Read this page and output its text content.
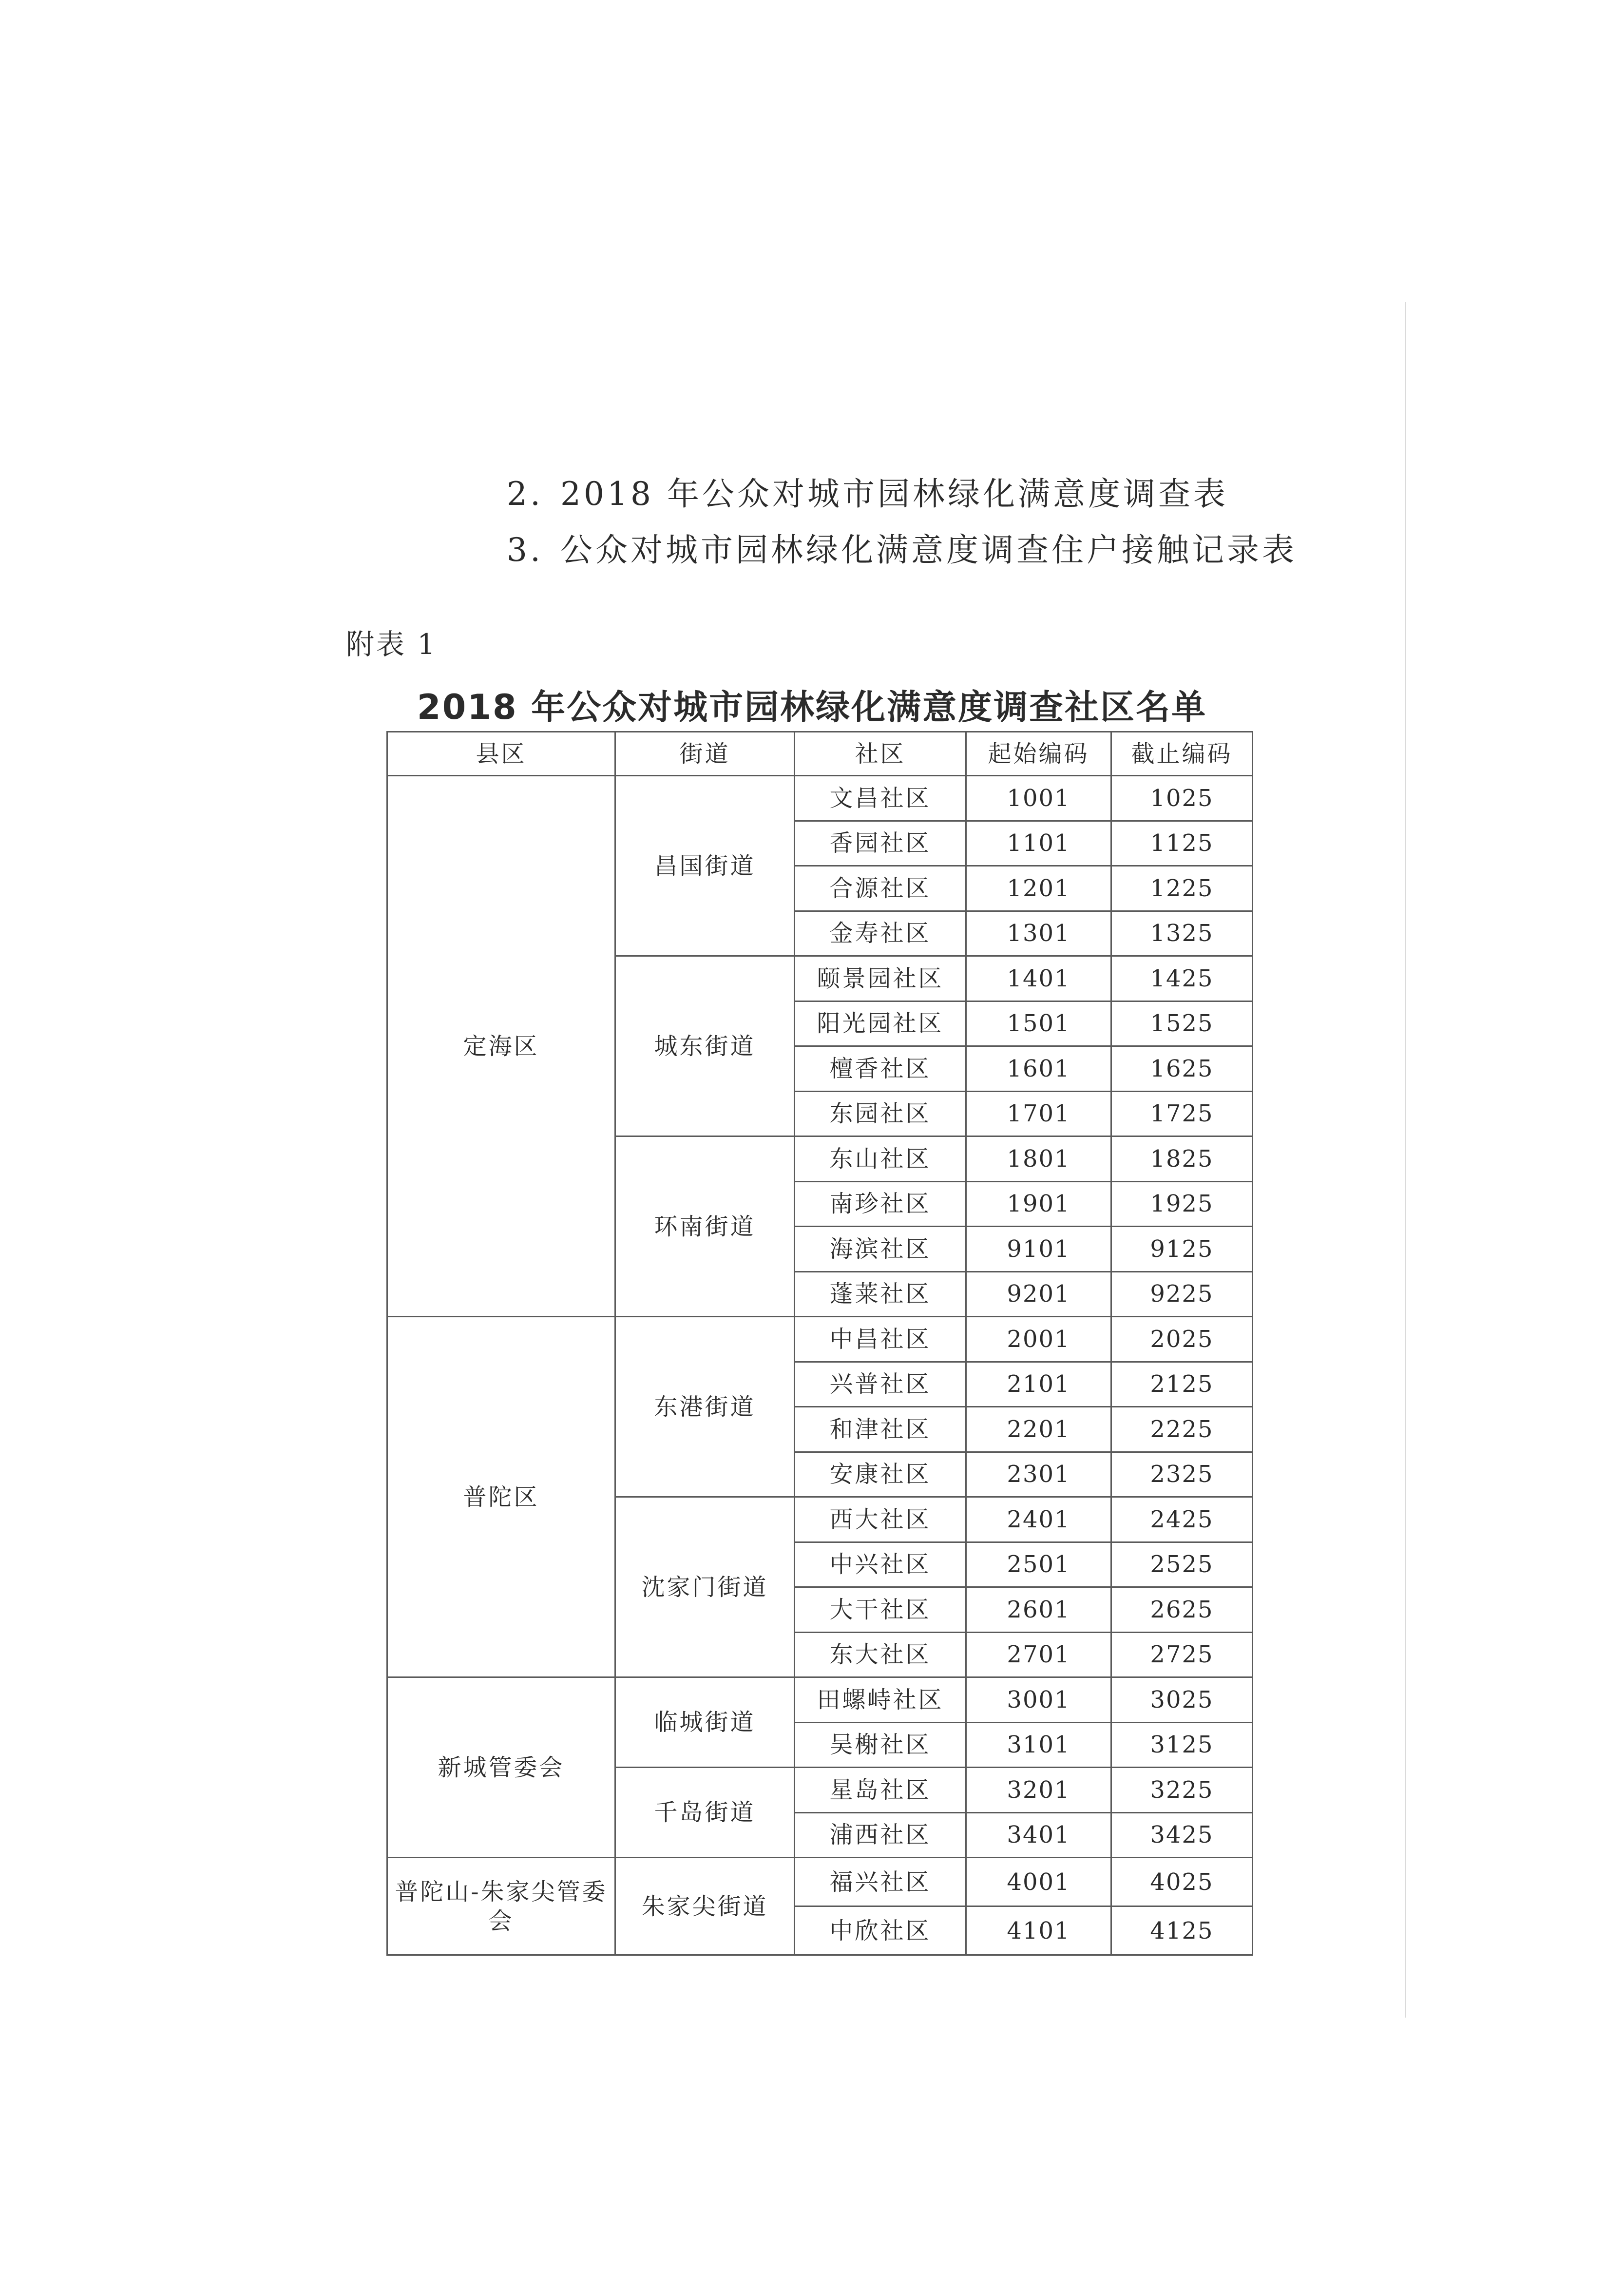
2. 2018 年公众对城市园林绿化满意度调查表
3. 公众对城市园林绿化满意度调查住户接触记录表
附表 1
2018 年公众对城市园林绿化满意度调查社区名单
县区	街道	社区	起始编码	截止编码
定海区	昌国街道	文昌社区	1001	1025
		香园社区	1101	1125
		合源社区	1201	1225
		金寿社区	1301	1325
	城东街道	颐景园社区	1401	1425
		阳光园社区	1501	1525
		檀香社区	1601	1625
		东园社区	1701	1725
	环南街道	东山社区	1801	1825
		南珍社区	1901	1925
		海滨社区	9101	9125
		蓬莱社区	9201	9225
普陀区	东港街道	中昌社区	2001	2025
		兴普社区	2101	2125
		和津社区	2201	2225
		安康社区	2301	2325
	沈家门街道	西大社区	2401	2425
		中兴社区	2501	2525
		大干社区	2601	2625
		东大社区	2701	2725
新城管委会	临城街道	田螺峙社区	3001	3025
		吴榭社区	3101	3125
	千岛街道	星岛社区	3201	3225
		浦西社区	3401	3425
普陀山-朱家尖管委会	朱家尖街道	福兴社区	4001	4025
		中欣社区	4101	4125
